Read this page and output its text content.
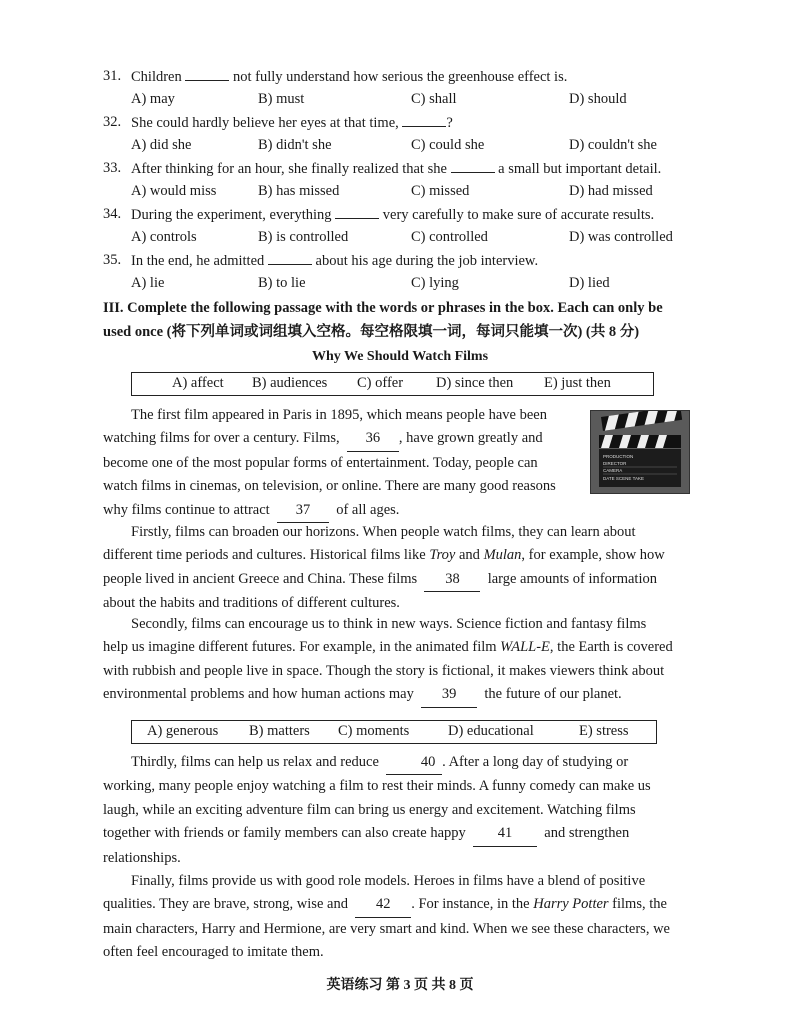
31. Children	not fully understand how serious the greenhouse effect is.
A) may	B) must	C) shall	D) should
32. She could hardly believe her eyes at that time,	?
A) did she	B) didn't she	C) could she	D) couldn't she
33. After thinking for an hour, she finally realized that she	a small but important detail.
A) would miss	B) has missed	C) missed	D) had missed
34. During the experiment, everything	very carefully to make sure of accurate results.
A) controls	B) is controlled	C) controlled	D) was controlled
35. In the end, he admitted	about his age during the job interview.
A) lie	B) to lie	C) lying	D) lied
III. Complete the following passage with the words or phrases in the box. Each can only be
used once (将下列单词或词组填入空格。每空格限填一词，每词只能填一次) (共 8 分)
Why We Should Watch Films
A) affect B) audiences C) offer D) since then E) just then
PRODUCTION
DIRECTOR
CAMERA
DATE SCENE TAKE
The first film appeared in Paris in 1895, which means people have been
watching films for over a century. Films, 36 , have grown greatly and
become one of the most popular forms of entertainment. Today, people can
watch films in cinemas, on television, or online. There are many good reasons
why films continue to attract 37 of all ages.
Firstly, films can broaden our horizons. When people watch films, they can learn about
different time periods and cultures. Historical films like Troy and Mulan, for example, show how
people lived in ancient Greece and China. These films 38 large amounts of information
about the habits and traditions of different cultures.
Secondly, films can encourage us to think in new ways. Science fiction and fantasy films
help us imagine different futures. For example, in the animated film WALL-E, the Earth is covered
with rubbish and people live in space. Though the story is fictional, it makes viewers think about
environmental problems and how human actions may 39 the future of our planet.
A) generous B) matters C) moments	D) educational	E) stress
Thirdly, films can help us relax and reduce	40 . After a long day of studying or
working, many people enjoy watching a film to rest their minds. A funny comedy can make us
laugh, while an exciting adventure film can bring us energy and excitement. Watching films
together with friends or family members can also create happy 41 and strengthen
relationships.
Finally, films provide us with good role models. Heroes in films have a blend of positive
qualities. They are brave, strong, wise and 42 . For instance, in the Harry Potter films, the
main characters, Harry and Hermione, are very smart and kind. When we see these characters, we
often feel encouraged to imitate them.
英语练习 第 3 页 共 8 页
